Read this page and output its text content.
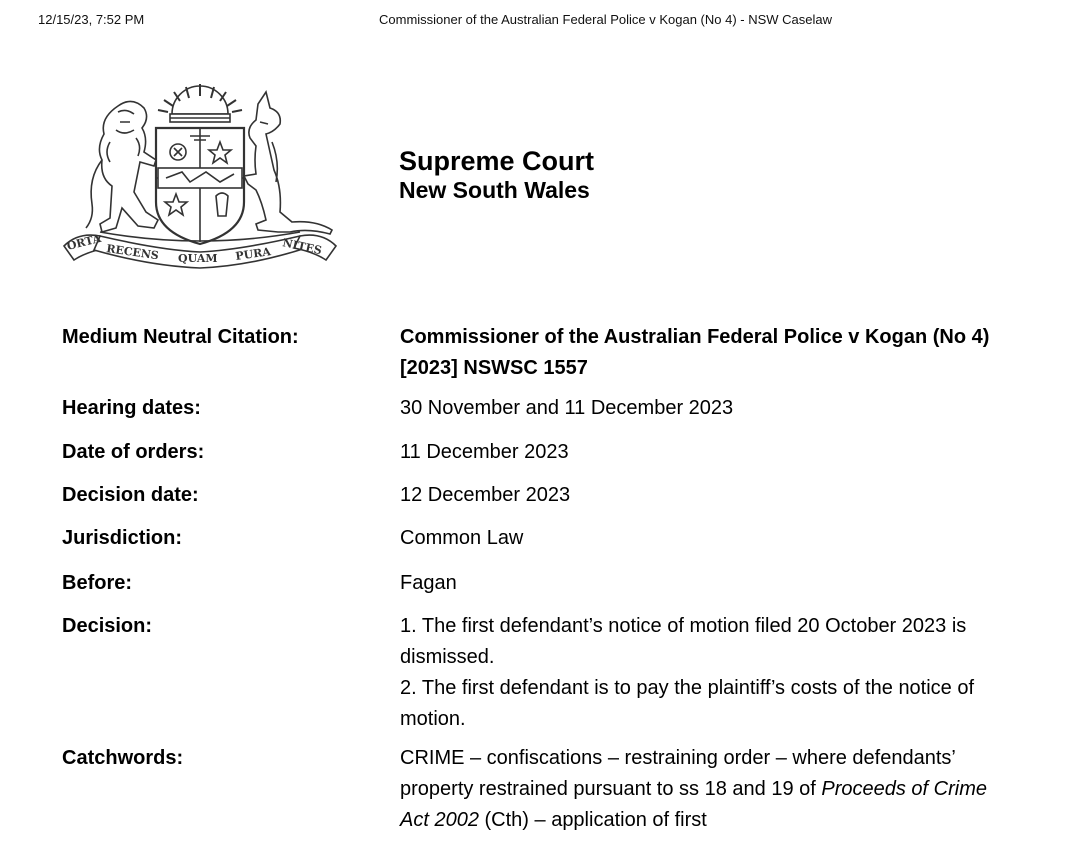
12/15/23, 7:52 PM	Commissioner of the Australian Federal Police v Kogan (No 4) - NSW Caselaw
ORTA RECENS QUAM PURA NITES
Supreme Court
New South Wales
Medium Neutral Citation:	Commissioner of the Australian Federal Police v Kogan (No 4) [2023] NSWSC 1557
Hearing dates:	30 November and 11 December 2023
Date of orders:	11 December 2023
Decision date:	12 December 2023
Jurisdiction:	Common Law
Before:	Fagan
Decision:	1. The first defendant’s notice of motion filed 20 October 2023 is dismissed.

2. The first defendant is to pay the plaintiff’s costs of the notice of motion.

Catchwords:	CRIME – confiscations – restraining order – where defendants’ property restrained pursuant to ss 18 and 19 of Proceeds of Crime Act 2002 (Cth) – application of first
